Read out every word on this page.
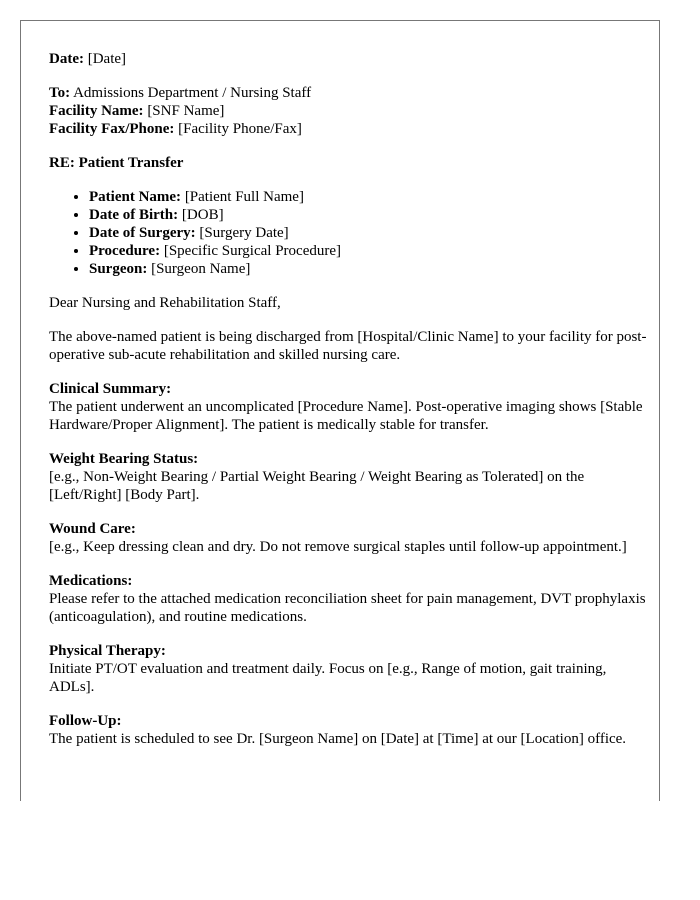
Date: [Date]

To: Admissions Department / Nursing Staff
Facility Name: [SNF Name]
Facility Fax/Phone: [Facility Phone/Fax]

RE: Patient Transfer

• Patient Name: [Patient Full Name]
• Date of Birth: [DOB]
• Date of Surgery: [Surgery Date]
• Procedure: [Specific Surgical Procedure]
• Surgeon: [Surgeon Name]

Dear Nursing and Rehabilitation Staff,

The above-named patient is being discharged from [Hospital/Clinic Name] to your facility for post-operative sub-acute rehabilitation and skilled nursing care.

Clinical Summary:
The patient underwent an uncomplicated [Procedure Name]. Post-operative imaging shows [Stable Hardware/Proper Alignment]. The patient is medically stable for transfer.

Weight Bearing Status:
[e.g., Non-Weight Bearing / Partial Weight Bearing / Weight Bearing as Tolerated] on the [Left/Right] [Body Part].

Wound Care:
[e.g., Keep dressing clean and dry. Do not remove surgical staples until follow-up appointment.]

Medications:
Please refer to the attached medication reconciliation sheet for pain management, DVT prophylaxis (anticoagulation), and routine medications.

Physical Therapy:
Initiate PT/OT evaluation and treatment daily. Focus on [e.g., Range of motion, gait training, ADLs].

Follow-Up:
The patient is scheduled to see Dr. [Surgeon Name] on [Date] at [Time] at our [Location] office.
